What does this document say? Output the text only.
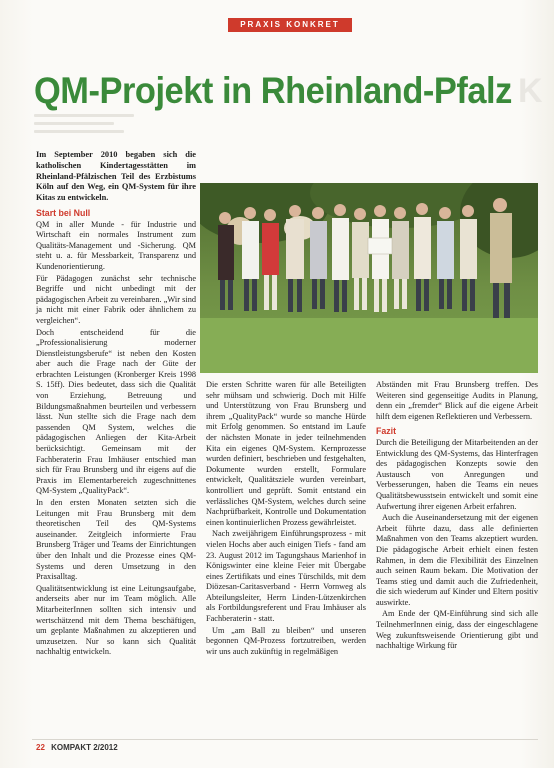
PRAXIS KONKRET
K
QM-Projekt in Rheinland-Pfalz

Im September 2010 begaben sich die katholischen Kindertagesstätten im Rheinland-Pfälzischen Teil des Erzbistums Köln auf den Weg, ein QM-System für ihre Kitas zu entwickeln.

Start bei Null

QM in aller Munde - für Industrie und Wirtschaft ein normales Instrument zum Qualitäts-Management und -Sicherung. QM steht u. a. für Messbarkeit, Transparenz und Kundenorientierung.

Für Pädagogen zunächst sehr technische Begriffe und nicht unbedingt mit der pädagogischen Arbeit zu vereinbaren. „Wir sind ja nicht mit einer Fabrik oder ähnlichem zu vergleichen“.

Doch entscheidend für die „Professionalisierung moderner Dienstleistungsberufe“ ist neben den Kosten aber auch die Frage nach der Güte der erbrachten Leistungen (Kronberger Kreis 1998 S. 15ff). Dies bedeutet, dass sich die Qualität von Erziehung, Betreuung und Bildungsmaßnahmen beurteilen und verbessern lässt. Nun stellte sich die Frage nach dem passenden QM System, welches die pädagogischen Anliegen der Kita-Arbeit berücksichtigt. Gemeinsam mit der Fachberaterin Frau Imhäuser entschied man sich für Frau Brunsberg und ihr eigens auf die Praxis im Elementarbereich zugeschnittenes QM-System „QualityPack“.

In den ersten Monaten setzten sich die Leitungen mit Frau Brunsberg mit dem theoretischen Teil des QM-Systems auseinander. Zeitgleich informierte Frau Brunsberg Träger und Teams der Einrichtungen über den Inhalt und die Prozesse eines QM-Systems und deren Umsetzung in den Praxisalltag.

Qualitätsentwicklung ist eine Leitungsaufgabe, anderseits aber nur im Team möglich. Alle MitarbeiterInnen sollten sich intensiv und wertschätzend mit dem Thema beschäftigen, um geplante Maßnahmen zu akzeptieren und umzusetzen. Nur so kann sich Qualität nachhaltig entwickeln.

Die ersten Schritte waren für alle Beteiligten sehr mühsam und schwierig. Doch mit Hilfe und Unterstützung von Frau Brunsberg und ihrem „QualityPack“ wurde so manche Hürde mit Erfolg genommen. So entstand im Laufe der nächsten Monate in jeder teilnehmenden Kita ein eigenes QM-System. Kernprozesse wurden definiert, beschrieben und festgehalten, Dokumente wurden erstellt, Formulare entwickelt, Qualitätsziele wurden vereinbart, kontrolliert und geprüft. Somit entstand ein verlässliches QM-System, welches durch seine Nachprüfbarkeit, Kontrolle und Dokumentation einen kontinuierlichen Prozess gewährleistet.

Nach zweijährigem Einführungsprozess - mit vielen Hochs aber auch einigen Tiefs - fand am 23. August 2012 im Tagungshaus Marienhof in Königswinter eine kleine Feier mit Übergabe eines Zertifikats und eines Türschilds, mit dem Diözesan-Caritasverband - Herrn Vornweg als Abteilungsleiter, Herrn Linden-Lützenkirchen als Fortbildungsreferent und Frau Imhäuser als Fachberaterin - statt.

Um „am Ball zu bleiben“ und unseren begonnen QM-Prozess fortzutreiben, werden wir uns auch zukünftig in regelmäßigen

Abständen mit Frau Brunsberg treffen. Des Weiteren sind gegenseitige Audits in Planung, denn ein „fremder“ Blick auf die eigene Arbeit hilft dem eigenen Reflektieren und Verbessern.

Fazit

Durch die Beteiligung der Mitarbeitenden an der Entwicklung des QM-Systems, das Hinterfragen des pädagogischen Konzepts sowie den Austausch von Anregungen und Verbesserungen, haben die Teams ein neues Qualitätsbewusstsein entwickelt und somit eine Aufwertung ihrer eigenen Arbeit erfahren.

Auch die Auseinandersetzung mit der eigenen Arbeit führte dazu, dass alle definierten Maßnahmen von den Teams akzeptiert wurden. Die pädagogische Arbeit erhielt einen festen Rahmen, in dem die Flexibilität des Einzelnen auch seinen Raum bekam. Die Motivation der Teams stieg und damit auch die Zufriedenheit, die sich wiederum auf Kinder und Eltern positiv auswirkte.

Am Ende der QM-Einführung sind sich alle TeilnehmerInnen einig, dass der eingeschlagene Weg zukunftsweisende Orientierung gibt und nachhaltige Wirkung für

22 KOMPAKT 2/2012
